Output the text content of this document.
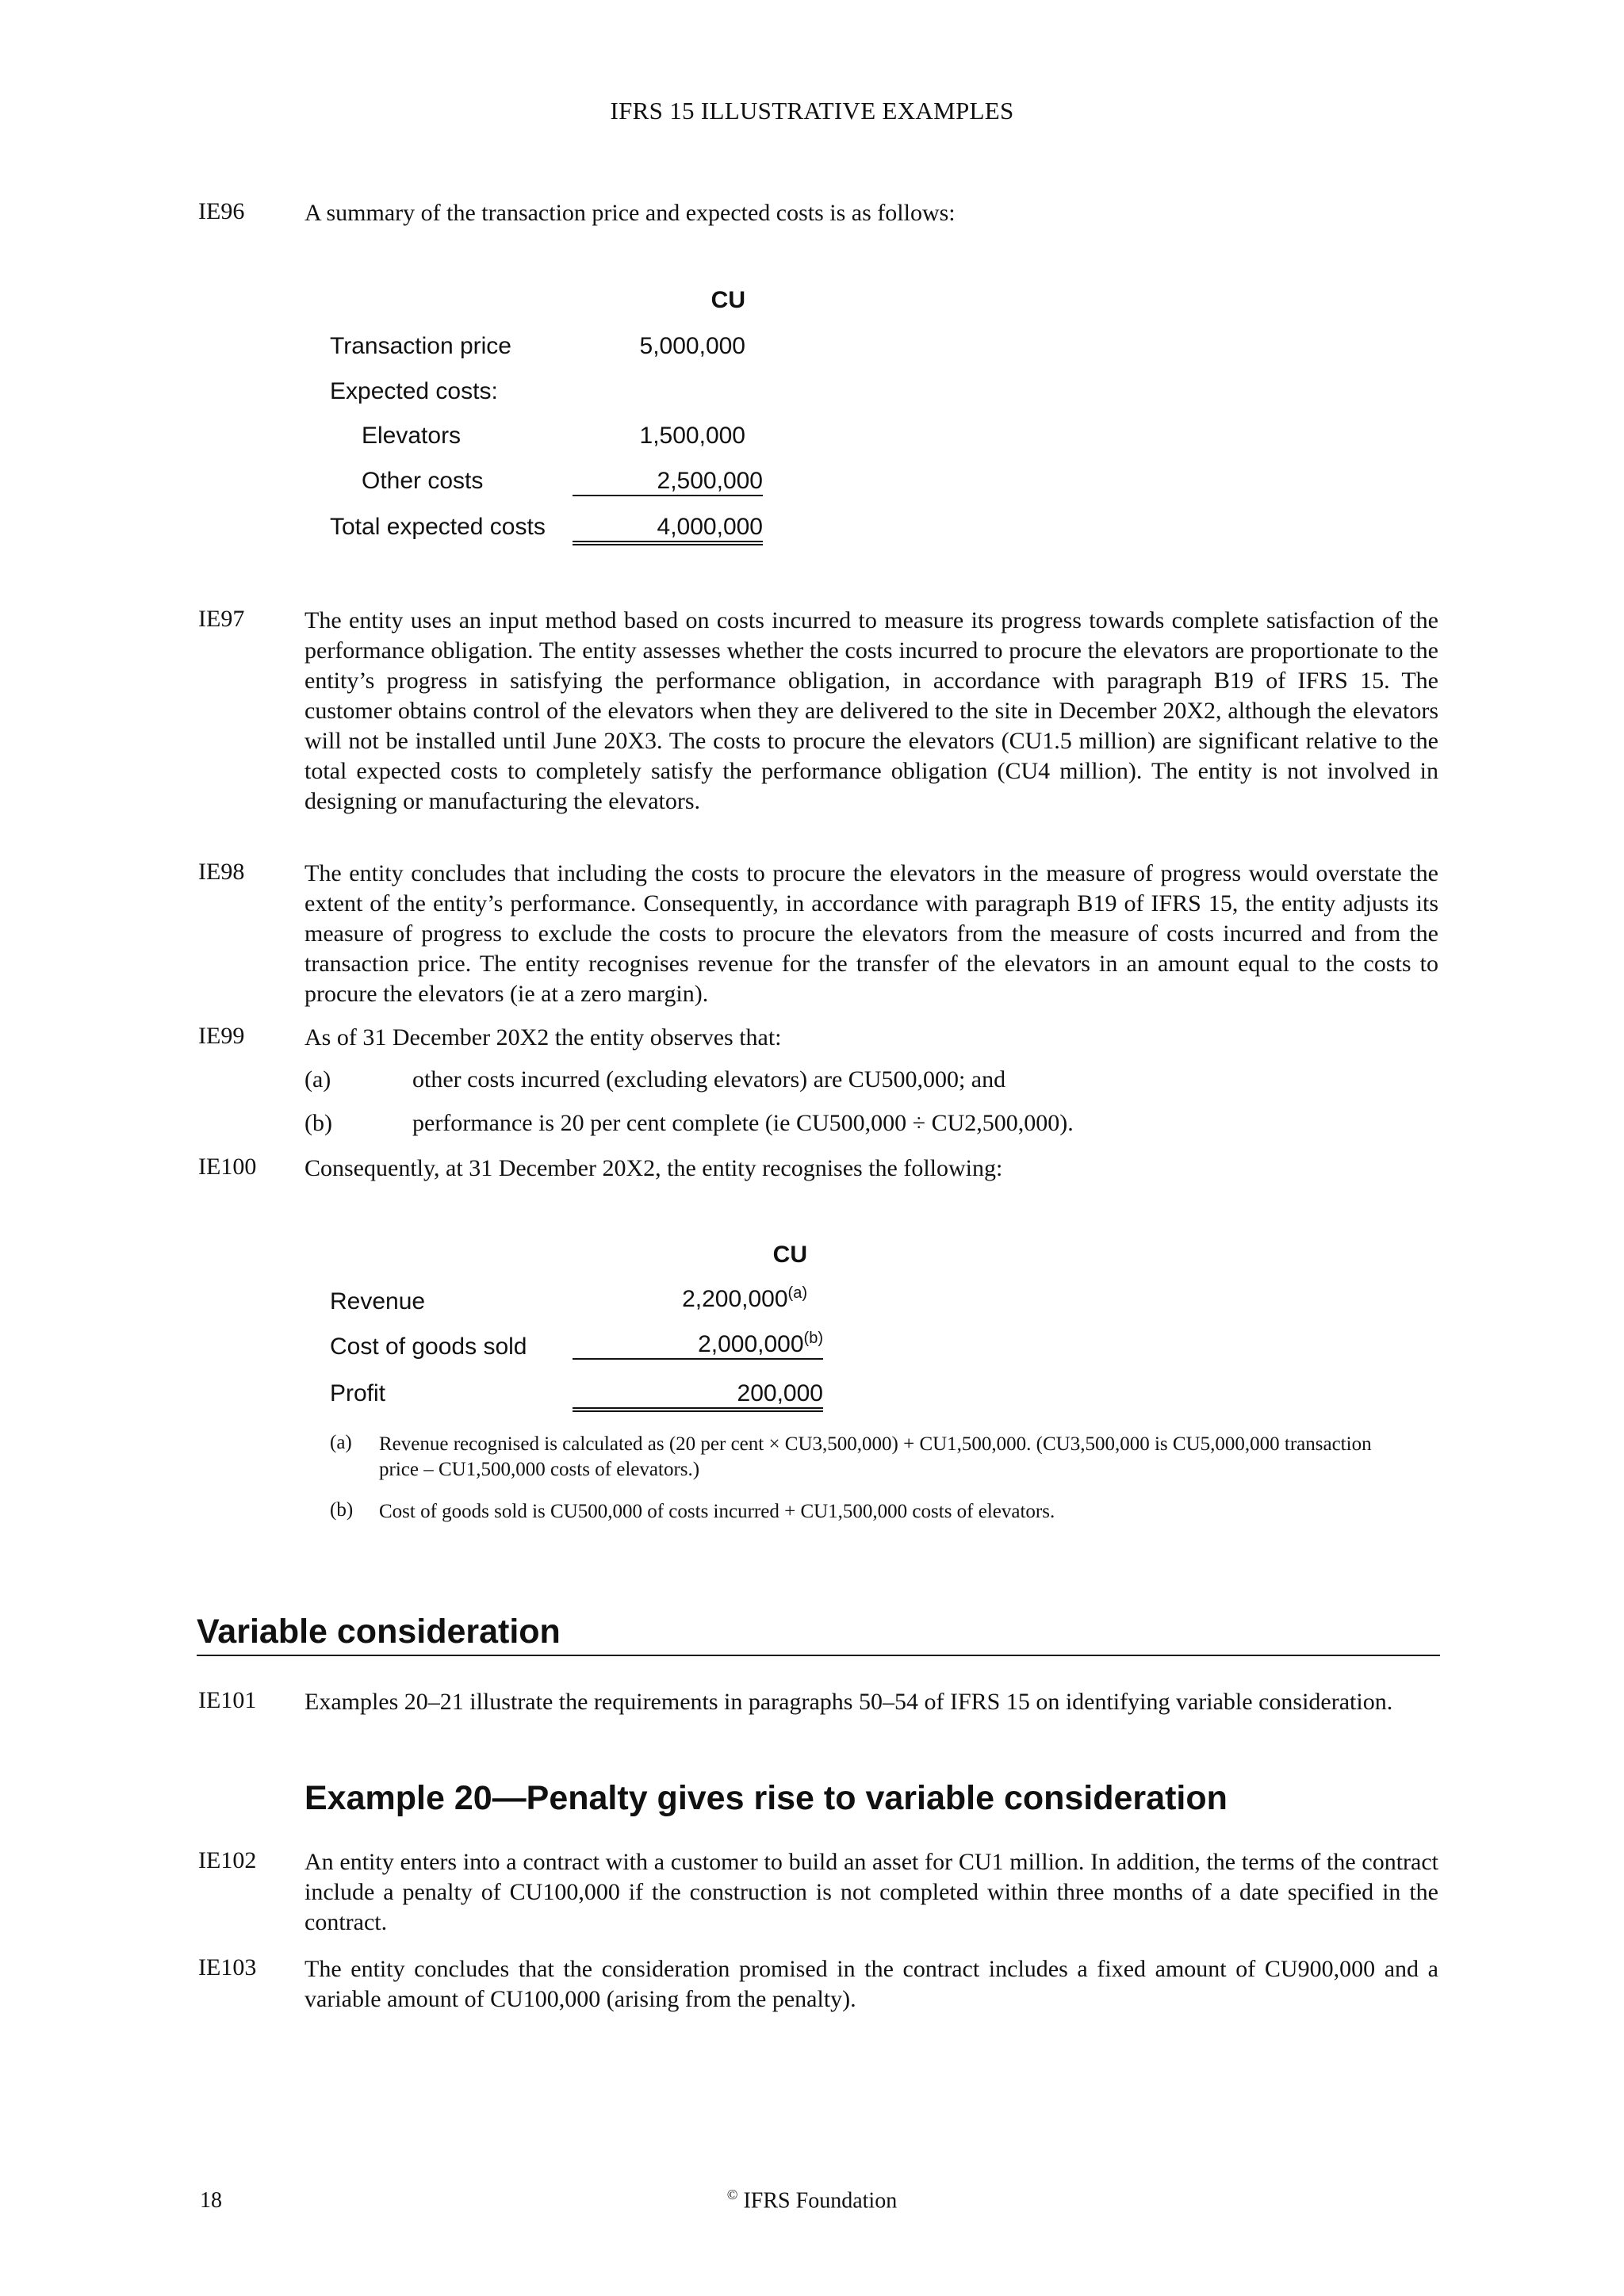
IFRS 15 ILLUSTRATIVE EXAMPLES
IE96	A summary of the transaction price and expected costs is as follows:
CU
Transaction price	5,000,000
Expected costs:
Elevators	1,500,000
Other costs	2,500,000
Total expected costs	4,000,000
IE97	The entity uses an input method based on costs incurred to measure its progress towards complete satisfaction of the performance obligation. The entity assesses whether the costs incurred to procure the elevators are proportionate to the entity’s progress in satisfying the performance obligation, in accordance with paragraph B19 of IFRS 15. The customer obtains control of the elevators when they are delivered to the site in December 20X2, although the elevators will not be installed until June 20X3. The costs to procure the elevators (CU1.5 million) are significant relative to the total expected costs to completely satisfy the performance obligation (CU4 million). The entity is not involved in designing or manufacturing the elevators.
IE98	The entity concludes that including the costs to procure the elevators in the measure of progress would overstate the extent of the entity’s performance. Consequently, in accordance with paragraph B19 of IFRS 15, the entity adjusts its measure of progress to exclude the costs to procure the elevators from the measure of costs incurred and from the transaction price. The entity recognises revenue for the transfer of the elevators in an amount equal to the costs to procure the elevators (ie at a zero margin).
IE99	As of 31 December 20X2 the entity observes that:
(a)	other costs incurred (excluding elevators) are CU500,000; and
(b)	performance is 20 per cent complete (ie CU500,000 ÷ CU2,500,000).
IE100 Consequently, at 31 December 20X2, the entity recognises the following:
CU
Revenue	2,200,000$^{(a)}$
Cost of goods sold	2,000,000$^{(b)}$
Profit	200,000
(a) Revenue recognised is calculated as (20 per cent × CU3,500,000) + CU1,500,000. (CU3,500,000 is CU5,000,000 transaction price – CU1,500,000 costs of elevators.)
(b) Cost of goods sold is CU500,000 of costs incurred + CU1,500,000 costs of elevators.
Variable consideration
IE101 Examples 20–21 illustrate the requirements in paragraphs 50–54 of IFRS 15 on identifying variable consideration.
Example 20—Penalty gives rise to variable consideration
IE102 An entity enters into a contract with a customer to build an asset for CU1 million. In addition, the terms of the contract include a penalty of CU100,000 if the construction is not completed within three months of a date specified in the contract.
IE103 The entity concludes that the consideration promised in the contract includes a fixed amount of CU900,000 and a variable amount of CU100,000 (arising from the penalty).
18	© IFRS Foundation
